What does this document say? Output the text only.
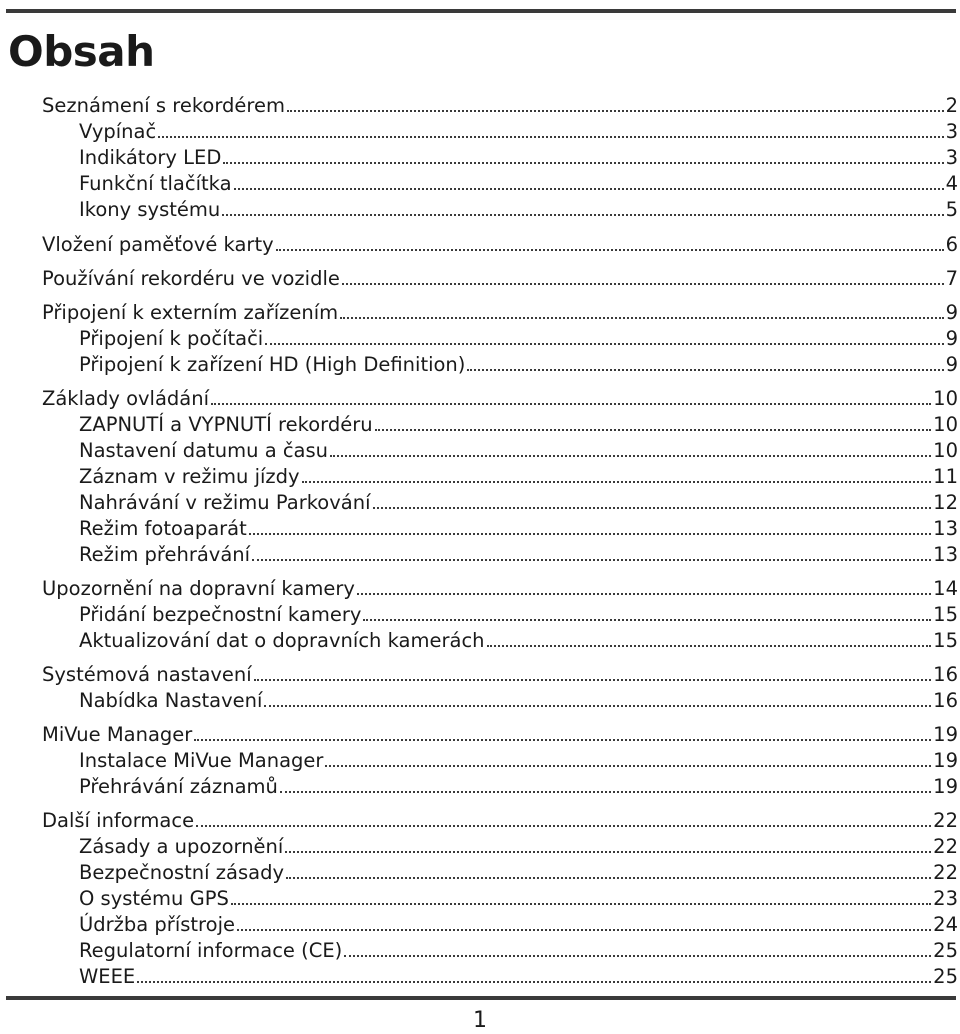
Obsah
Seznámení s rekordérem	2
Vypínač	3
Indikátory LED	3
Funkční tlačítka	4
Ikony systému	5
Vložení paměťové karty	6
Používání rekordéru ve vozidle	7
Připojení k externím zařízením	9
Připojení k počítači	9
Připojení k zařízení HD (High Definition)	9
Základy ovládání	10
ZAPNUTÍ a VYPNUTÍ rekordéru	10
Nastavení datumu a času	10
Záznam v režimu jízdy	11
Nahrávání v režimu Parkování	12
Režim fotoaparát	13
Režim přehrávání	13
Upozornění na dopravní kamery	14
Přidání bezpečnostní kamery	15
Aktualizování dat o dopravních kamerách	15
Systémová nastavení	16
Nabídka Nastavení	16
MiVue Manager	19
Instalace MiVue Manager	19
Přehrávání záznamů	19
Další informace	22
Zásady a upozornění	22
Bezpečnostní zásady	22
O systému GPS	23
Údržba přístroje	24
Regulatorní informace (CE)	25
WEEE	25
1
